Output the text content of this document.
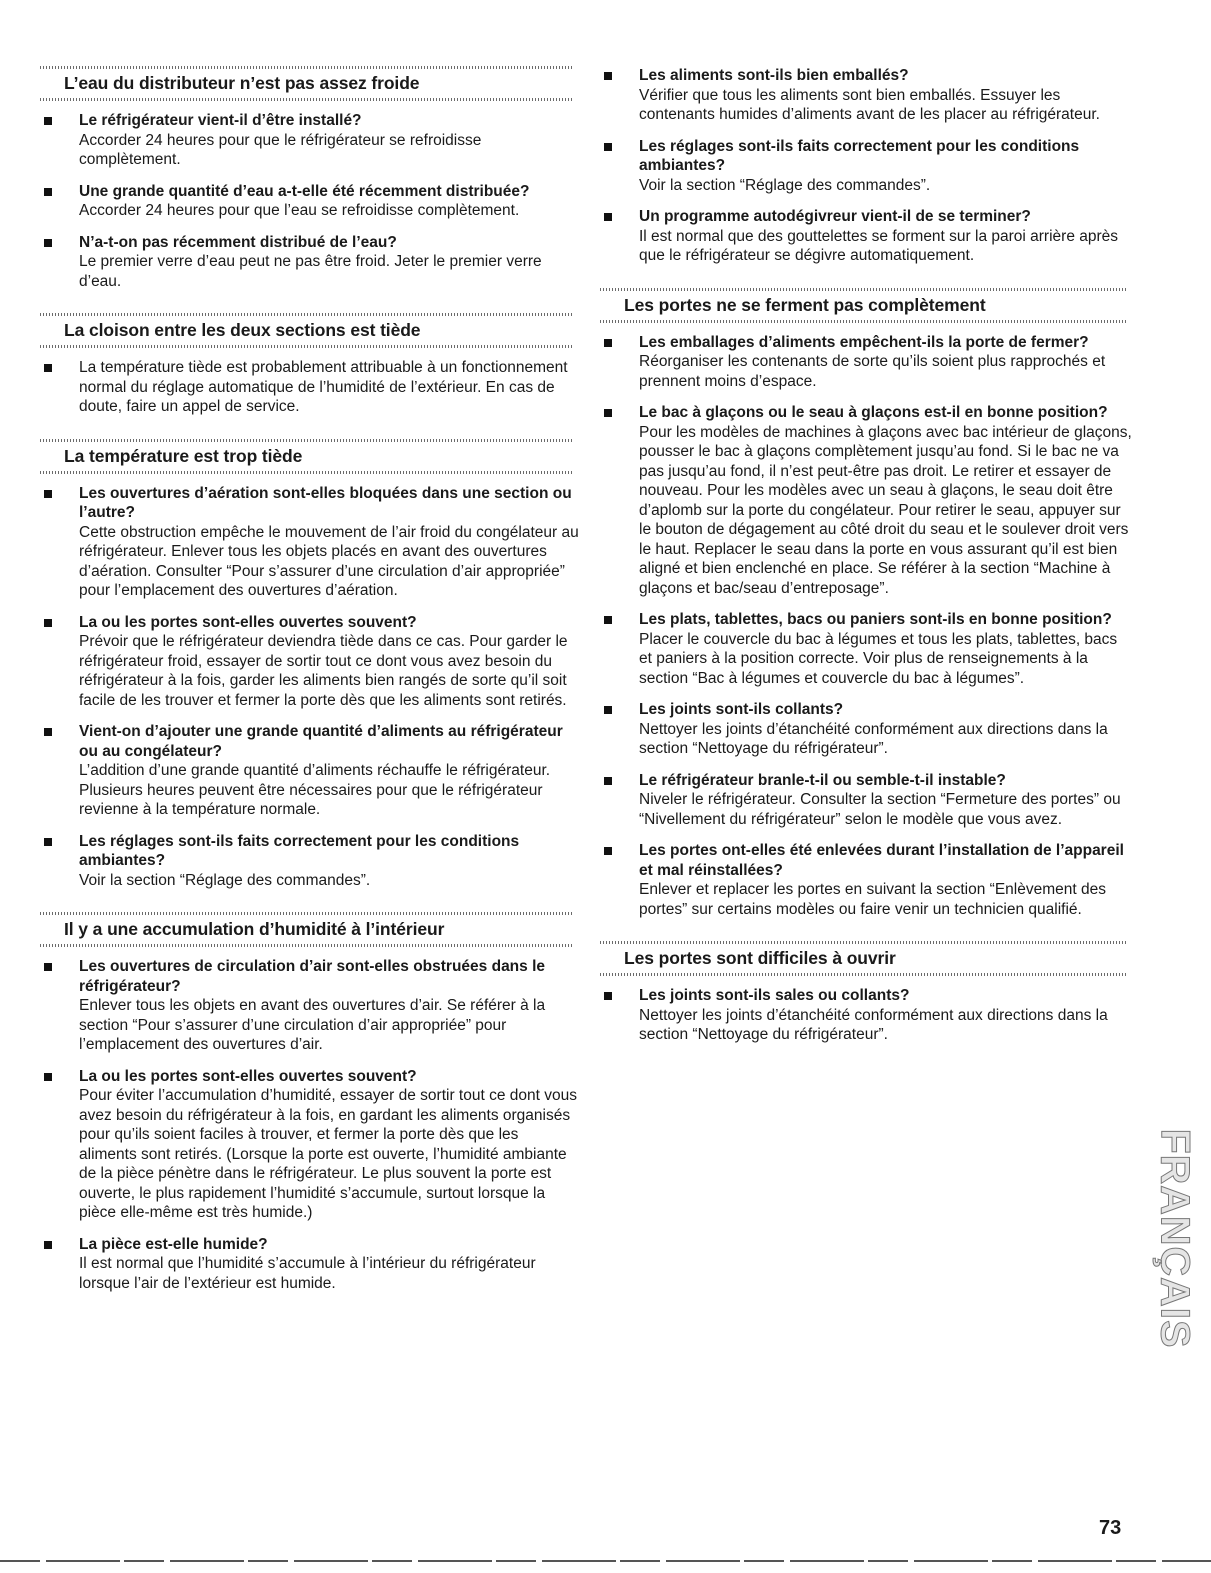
L’eau du distributeur n’est pas assez froide
Le réfrigérateur vient-il d’être installé?
Accorder 24 heures pour que le réfrigérateur se refroidisse complètement.
Une grande quantité d’eau a-t-elle été récemment distribuée?
Accorder 24 heures pour que l’eau se refroidisse complètement.
N’a-t-on pas récemment distribué de l’eau?
Le premier verre d’eau peut ne pas être froid. Jeter le premier verre d’eau.
La cloison entre les deux sections est tiède
La température tiède est probablement attribuable à un fonctionnement normal du réglage automatique de l’humidité de l’extérieur. En cas de doute, faire un appel de service.
La température est trop tiède
Les ouvertures d’aération sont-elles bloquées dans une section ou l’autre?
Cette obstruction empêche le mouvement de l’air froid du congélateur au réfrigérateur. Enlever tous les objets placés en avant des ouvertures d’aération. Consulter “Pour s’assurer d’une circulation d’air appropriée” pour l’emplacement des ouvertures d’aération.
La ou les portes sont-elles ouvertes souvent?
Prévoir que le réfrigérateur deviendra tiède dans ce cas. Pour garder le réfrigérateur froid, essayer de sortir tout ce dont vous avez besoin du réfrigérateur à la fois, garder les aliments bien rangés de sorte qu’il soit facile de les trouver et fermer la porte dès que les aliments sont retirés.
Vient-on d’ajouter une grande quantité d’aliments au réfrigérateur ou au congélateur?
L’addition d’une grande quantité d’aliments réchauffe le réfrigérateur. Plusieurs heures peuvent être nécessaires pour que le réfrigérateur revienne à la température normale.
Les réglages sont-ils faits correctement pour les conditions ambiantes?
Voir la section “Réglage des commandes”.
Il y a une accumulation d’humidité à l’intérieur
Les ouvertures de circulation d’air sont-elles obstruées dans le réfrigérateur?
Enlever tous les objets en avant des ouvertures d’air. Se référer à la section “Pour s’assurer d’une circulation d’air appropriée” pour l’emplacement des ouvertures d’air.
La ou les portes sont-elles ouvertes souvent?
Pour éviter l’accumulation d’humidité, essayer de sortir tout ce dont vous avez besoin du réfrigérateur à la fois, en gardant les aliments organisés pour qu’ils soient faciles à trouver, et fermer la porte dès que les aliments sont retirés. (Lorsque la porte est ouverte, l’humidité ambiante de la pièce pénètre dans le réfrigérateur. Le plus souvent la porte est ouverte, le plus rapidement l’humidité s’accumule, surtout lorsque la pièce elle-même est très humide.)
La pièce est-elle humide?
Il est normal que l’humidité s’accumule à l’intérieur du réfrigérateur lorsque l’air de l’extérieur est humide.
Les aliments sont-ils bien emballés?
Vérifier que tous les aliments sont bien emballés. Essuyer les contenants humides d’aliments avant de les placer au réfrigérateur.
Les réglages sont-ils faits correctement pour les conditions ambiantes?
Voir la section “Réglage des commandes”.
Un programme autodégivreur vient-il de se terminer?
Il est normal que des gouttelettes se forment sur la paroi arrière après que le réfrigérateur se dégivre automatiquement.
Les portes ne se ferment pas complètement
Les emballages d’aliments empêchent-ils la porte de fermer?
Réorganiser les contenants de sorte qu’ils soient plus rapprochés et prennent moins d’espace.
Le bac à glaçons ou le seau à glaçons est-il en bonne position?
Pour les modèles de machines à glaçons avec bac intérieur de glaçons, pousser le bac à glaçons complètement jusqu’au fond. Si le bac ne va pas jusqu’au fond, il n’est peut-être pas droit. Le retirer et essayer de nouveau. Pour les modèles avec un seau à glaçons, le seau doit être d’aplomb sur la porte du congélateur. Pour retirer le seau, appuyer sur le bouton de dégagement au côté droit du seau et le soulever droit vers le haut. Replacer le seau dans la porte en vous assurant qu’il est bien aligné et bien enclenché en place. Se référer à la section “Machine à glaçons et bac/seau d’entreposage”.
Les plats, tablettes, bacs ou paniers sont-ils en bonne position?
Placer le couvercle du bac à légumes et tous les plats, tablettes, bacs et paniers à la position correcte. Voir plus de renseignements à la section “Bac à légumes et couvercle du bac à légumes”.
Les joints sont-ils collants?
Nettoyer les joints d’étanchéité conformément aux directions dans la section “Nettoyage du réfrigérateur”.
Le réfrigérateur branle-t-il ou semble-t-il instable?
Niveler le réfrigérateur. Consulter la section “Fermeture des portes” ou “Nivellement du réfrigérateur” selon le modèle que vous avez.
Les portes ont-elles été enlevées durant l’installation de l’appareil et mal réinstallées?
Enlever et replacer les portes en suivant la section “Enlèvement des portes” sur certains modèles ou faire venir un technicien qualifié.
Les portes sont difficiles à ouvrir
Les joints sont-ils sales ou collants?
Nettoyer les joints d’étanchéité conformément aux directions dans la section “Nettoyage du réfrigérateur”.
FRANÇAIS
73
